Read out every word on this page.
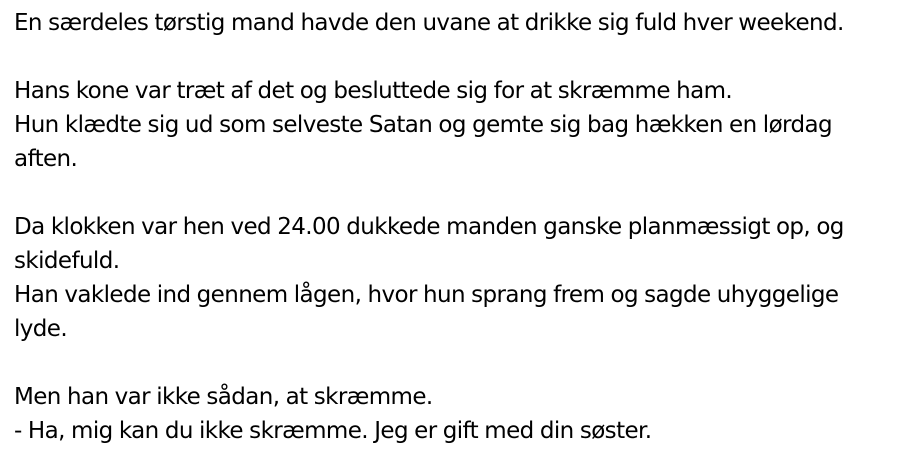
En særdeles tørstig mand havde den uvane at drikke sig fuld hver weekend.
Hans kone var træt af det og besluttede sig for at skræmme ham.
Hun klædte sig ud som selveste Satan og gemte sig bag hækken en lørdag
aften.
Da klokken var hen ved 24.00 dukkede manden ganske planmæssigt op, og
skidefuld.
Han vaklede ind gennem lågen, hvor hun sprang frem og sagde uhyggelige
lyde.
Men han var ikke sådan, at skræmme.
- Ha, mig kan du ikke skræmme. Jeg er gift med din søster.
